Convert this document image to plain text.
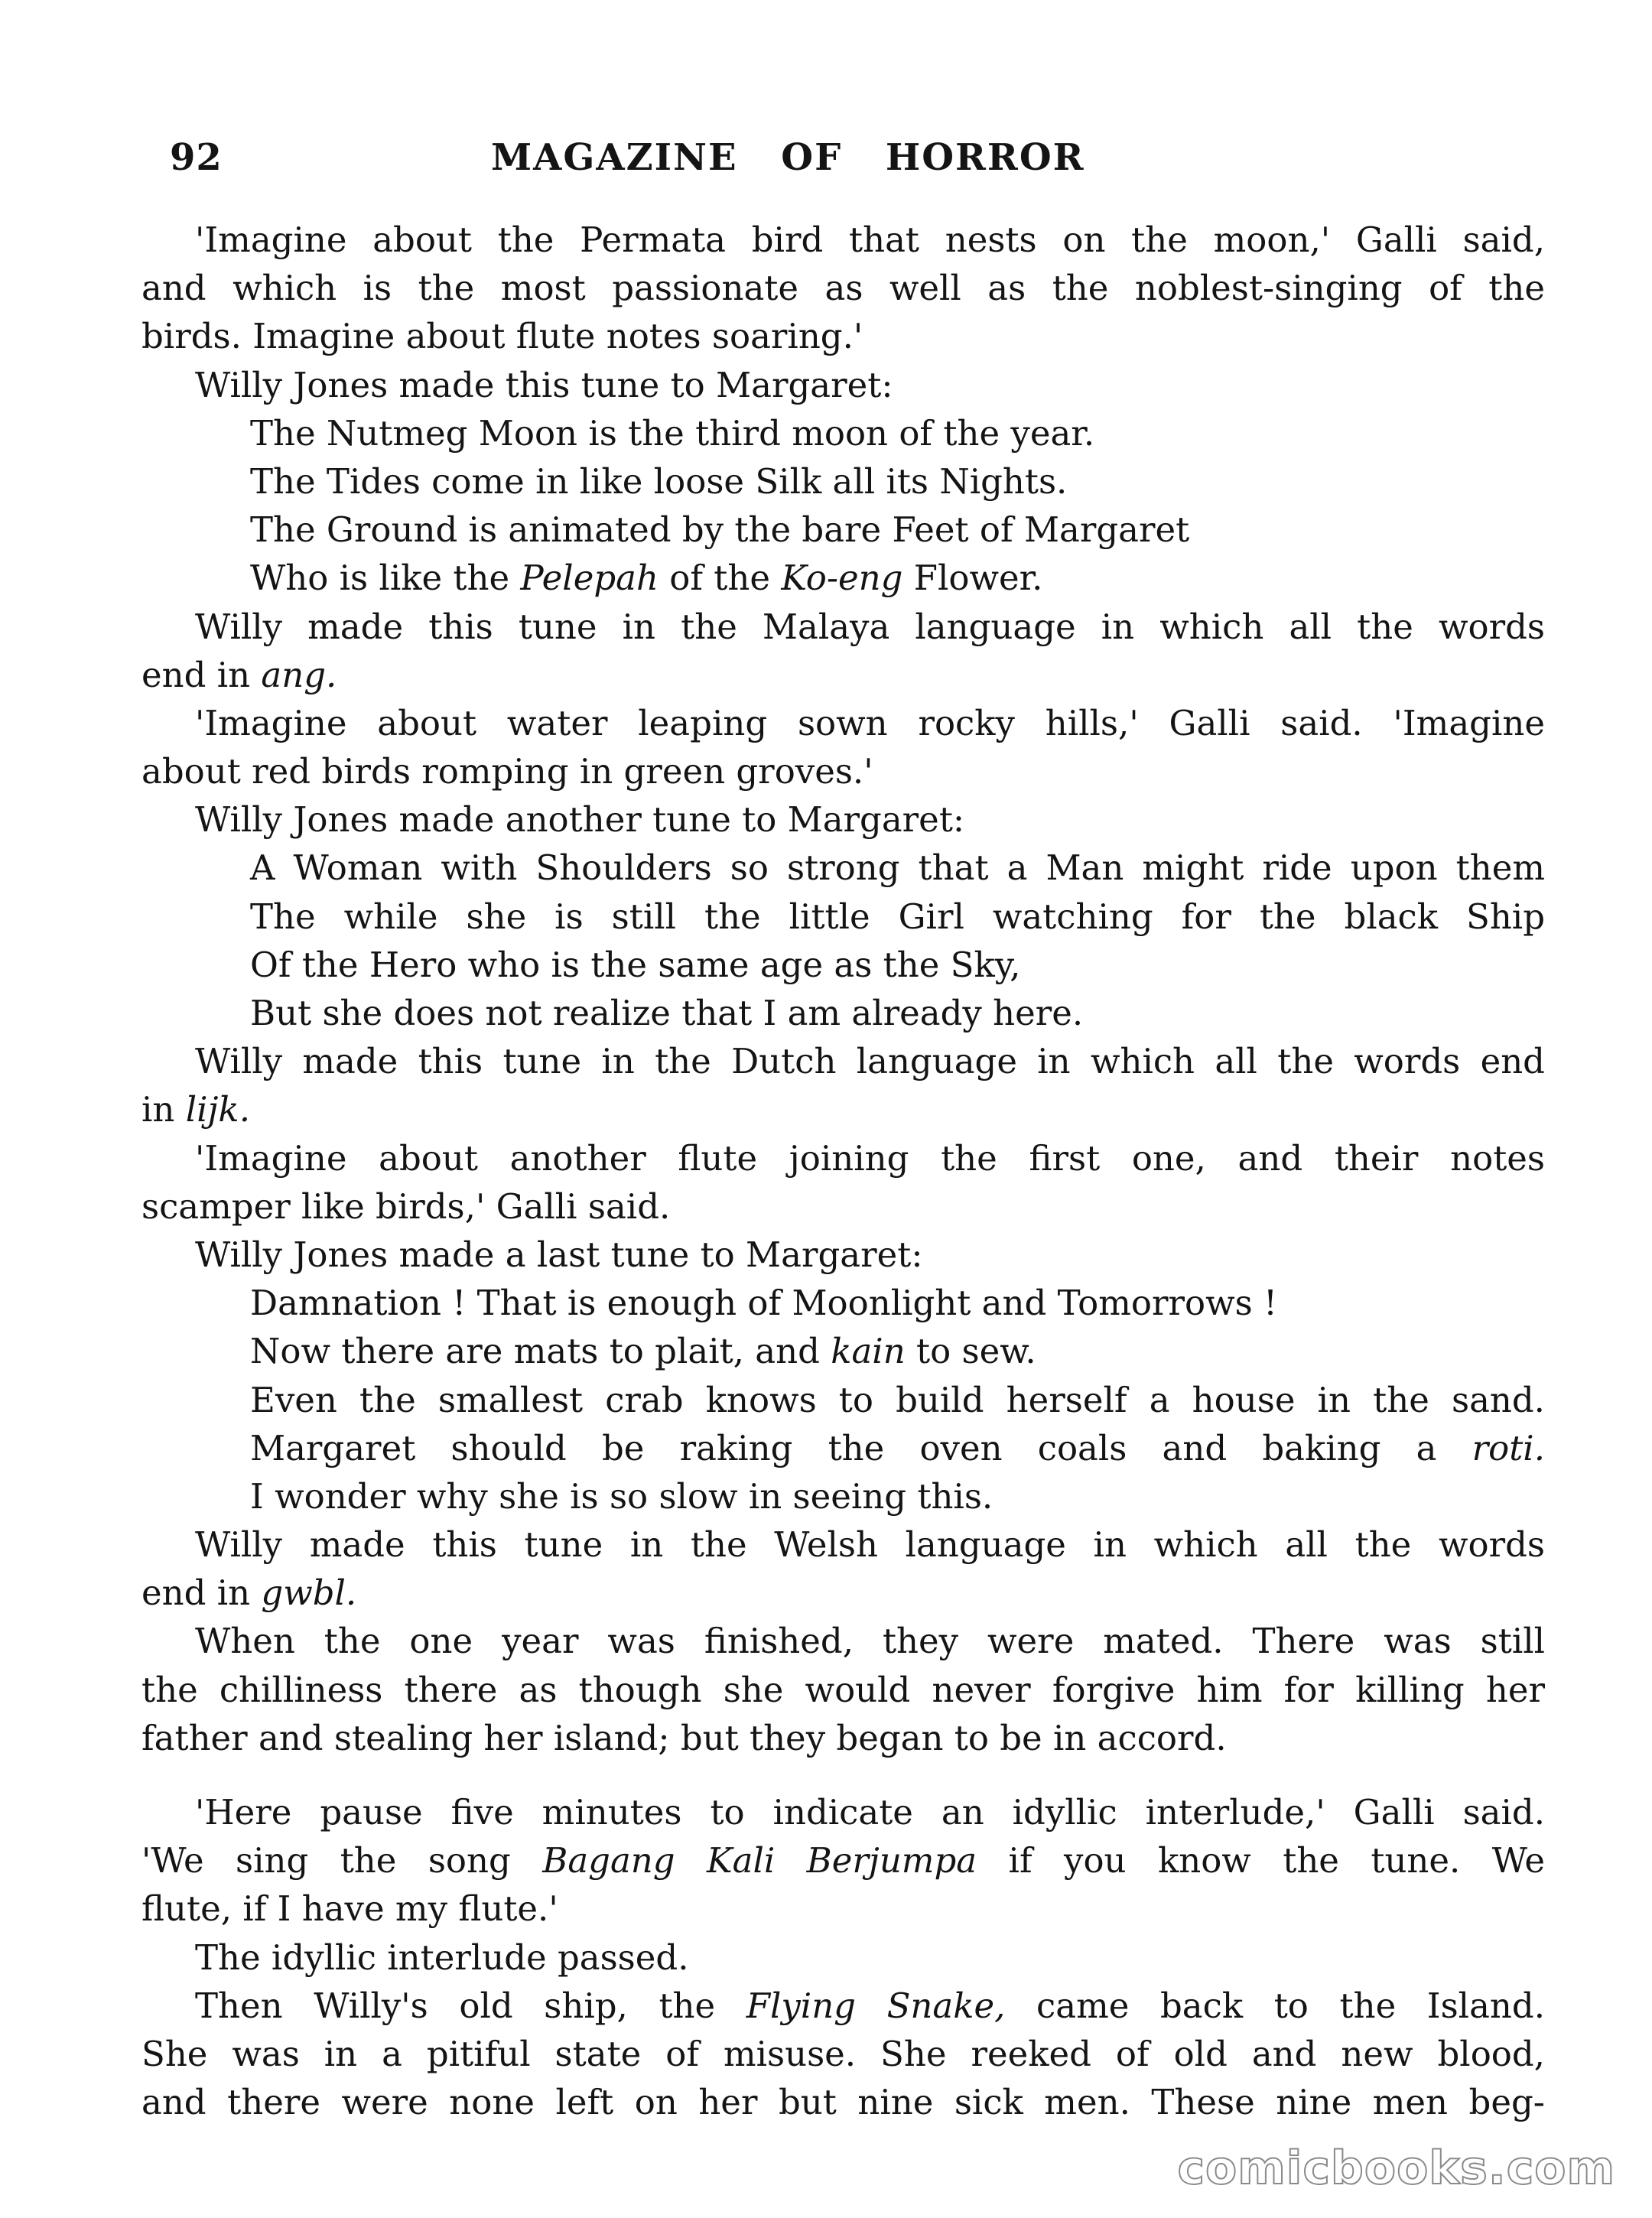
92	MAGAZINE OF HORROR
'Imagine about the Permata bird that nests on the moon,' Galli said,
and which is the most passionate as well as the noblest-singing of the
birds. Imagine about flute notes soaring.'
Willy Jones made this tune to Margaret:
The Nutmeg Moon is the third moon of the year.
The Tides come in like loose Silk all its Nights.
The Ground is animated by the bare Feet of Margaret
Who is like the Pelepah of the Ko-eng Flower.
Willy made this tune in the Malaya language in which all the words
end in ang.
'Imagine about water leaping sown rocky hills,' Galli said. 'Imagine
about red birds romping in green groves.'
Willy Jones made another tune to Margaret:
A Woman with Shoulders so strong that a Man might ride upon them
The while she is still the little Girl watching for the black Ship
Of the Hero who is the same age as the Sky,
But she does not realize that I am already here.
Willy made this tune in the Dutch language in which all the words end
in lijk.
'Imagine about another flute joining the first one, and their notes
scamper like birds,' Galli said.
Willy Jones made a last tune to Margaret:
Damnation ! That is enough of Moonlight and Tomorrows !
Now there are mats to plait, and kain to sew.
Even the smallest crab knows to build herself a house in the sand.
Margaret should be raking the oven coals and baking a roti.
I wonder why she is so slow in seeing this.
Willy made this tune in the Welsh language in which all the words
end in gwbl.
When the one year was finished, they were mated. There was still
the chilliness there as though she would never forgive him for killing her
father and stealing her island; but they began to be in accord.
'Here pause five minutes to indicate an idyllic interlude,' Galli said.
'We sing the song Bagang Kali Berjumpa if you know the tune. We
flute, if I have my flute.'
The idyllic interlude passed.
Then Willy's old ship, the Flying Snake, came back to the Island.
She was in a pitiful state of misuse. She reeked of old and new blood,
and there were none left on her but nine sick men. These nine men beg-
comicbooks.com
